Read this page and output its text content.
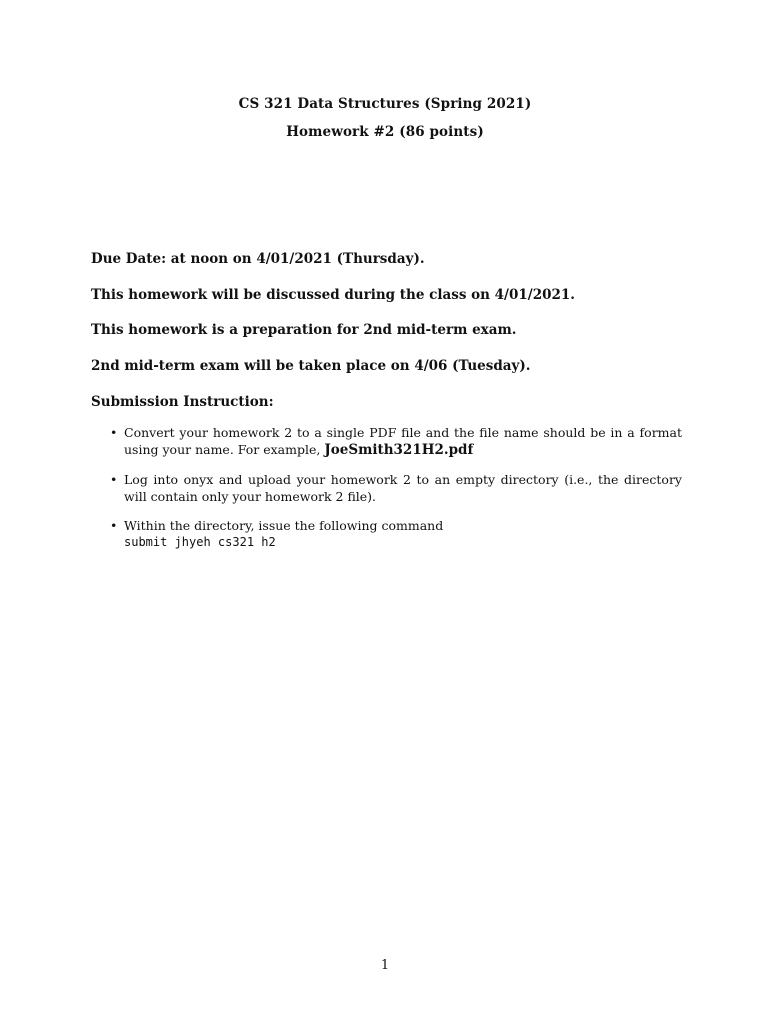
CS 321 Data Structures (Spring 2021)
Homework #2 (86 points)
Due Date: at noon on 4/01/2021 (Thursday).
This homework will be discussed during the class on 4/01/2021.
This homework is a preparation for 2nd mid-term exam.
2nd mid-term exam will be taken place on 4/06 (Tuesday).
Submission Instruction:
• Convert your homework 2 to a single PDF file and the file name should be in a format using your name. For example, JoeSmith321H2.pdf
• Log into onyx and upload your homework 2 to an empty directory (i.e., the directory will contain only your homework 2 file).
• Within the directory, issue the following command
submit jhyeh cs321 h2
1
